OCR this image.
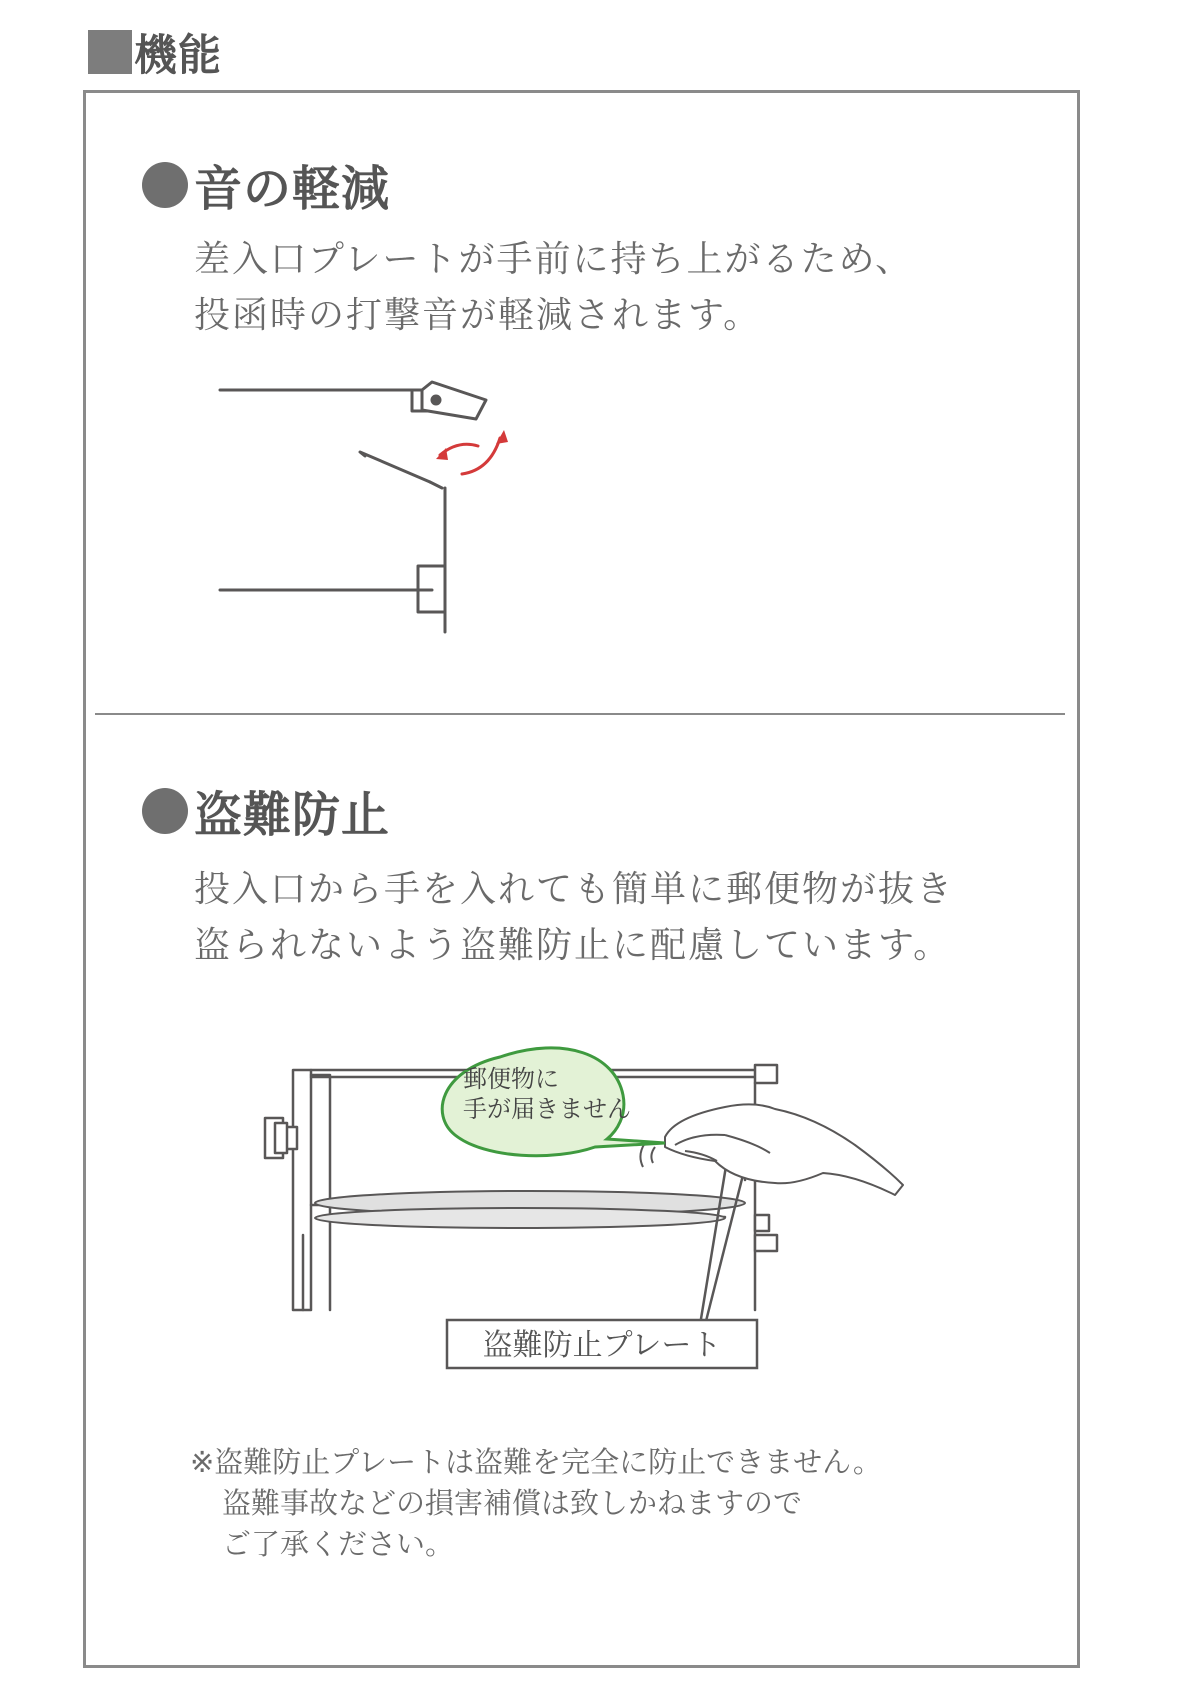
機能
音の軽減
差入口プレートが手前に持ち上がるため、
投函時の打撃音が軽減されます。
盗難防止
投入口から手を入れても簡単に郵便物が抜き
盗られないよう盗難防止に配慮しています。
郵便物に
手が届きません
盗難防止プレート
※盗難防止プレートは盗難を完全に防止できません。
盗難事故などの損害補償は致しかねますので
ご了承ください。
